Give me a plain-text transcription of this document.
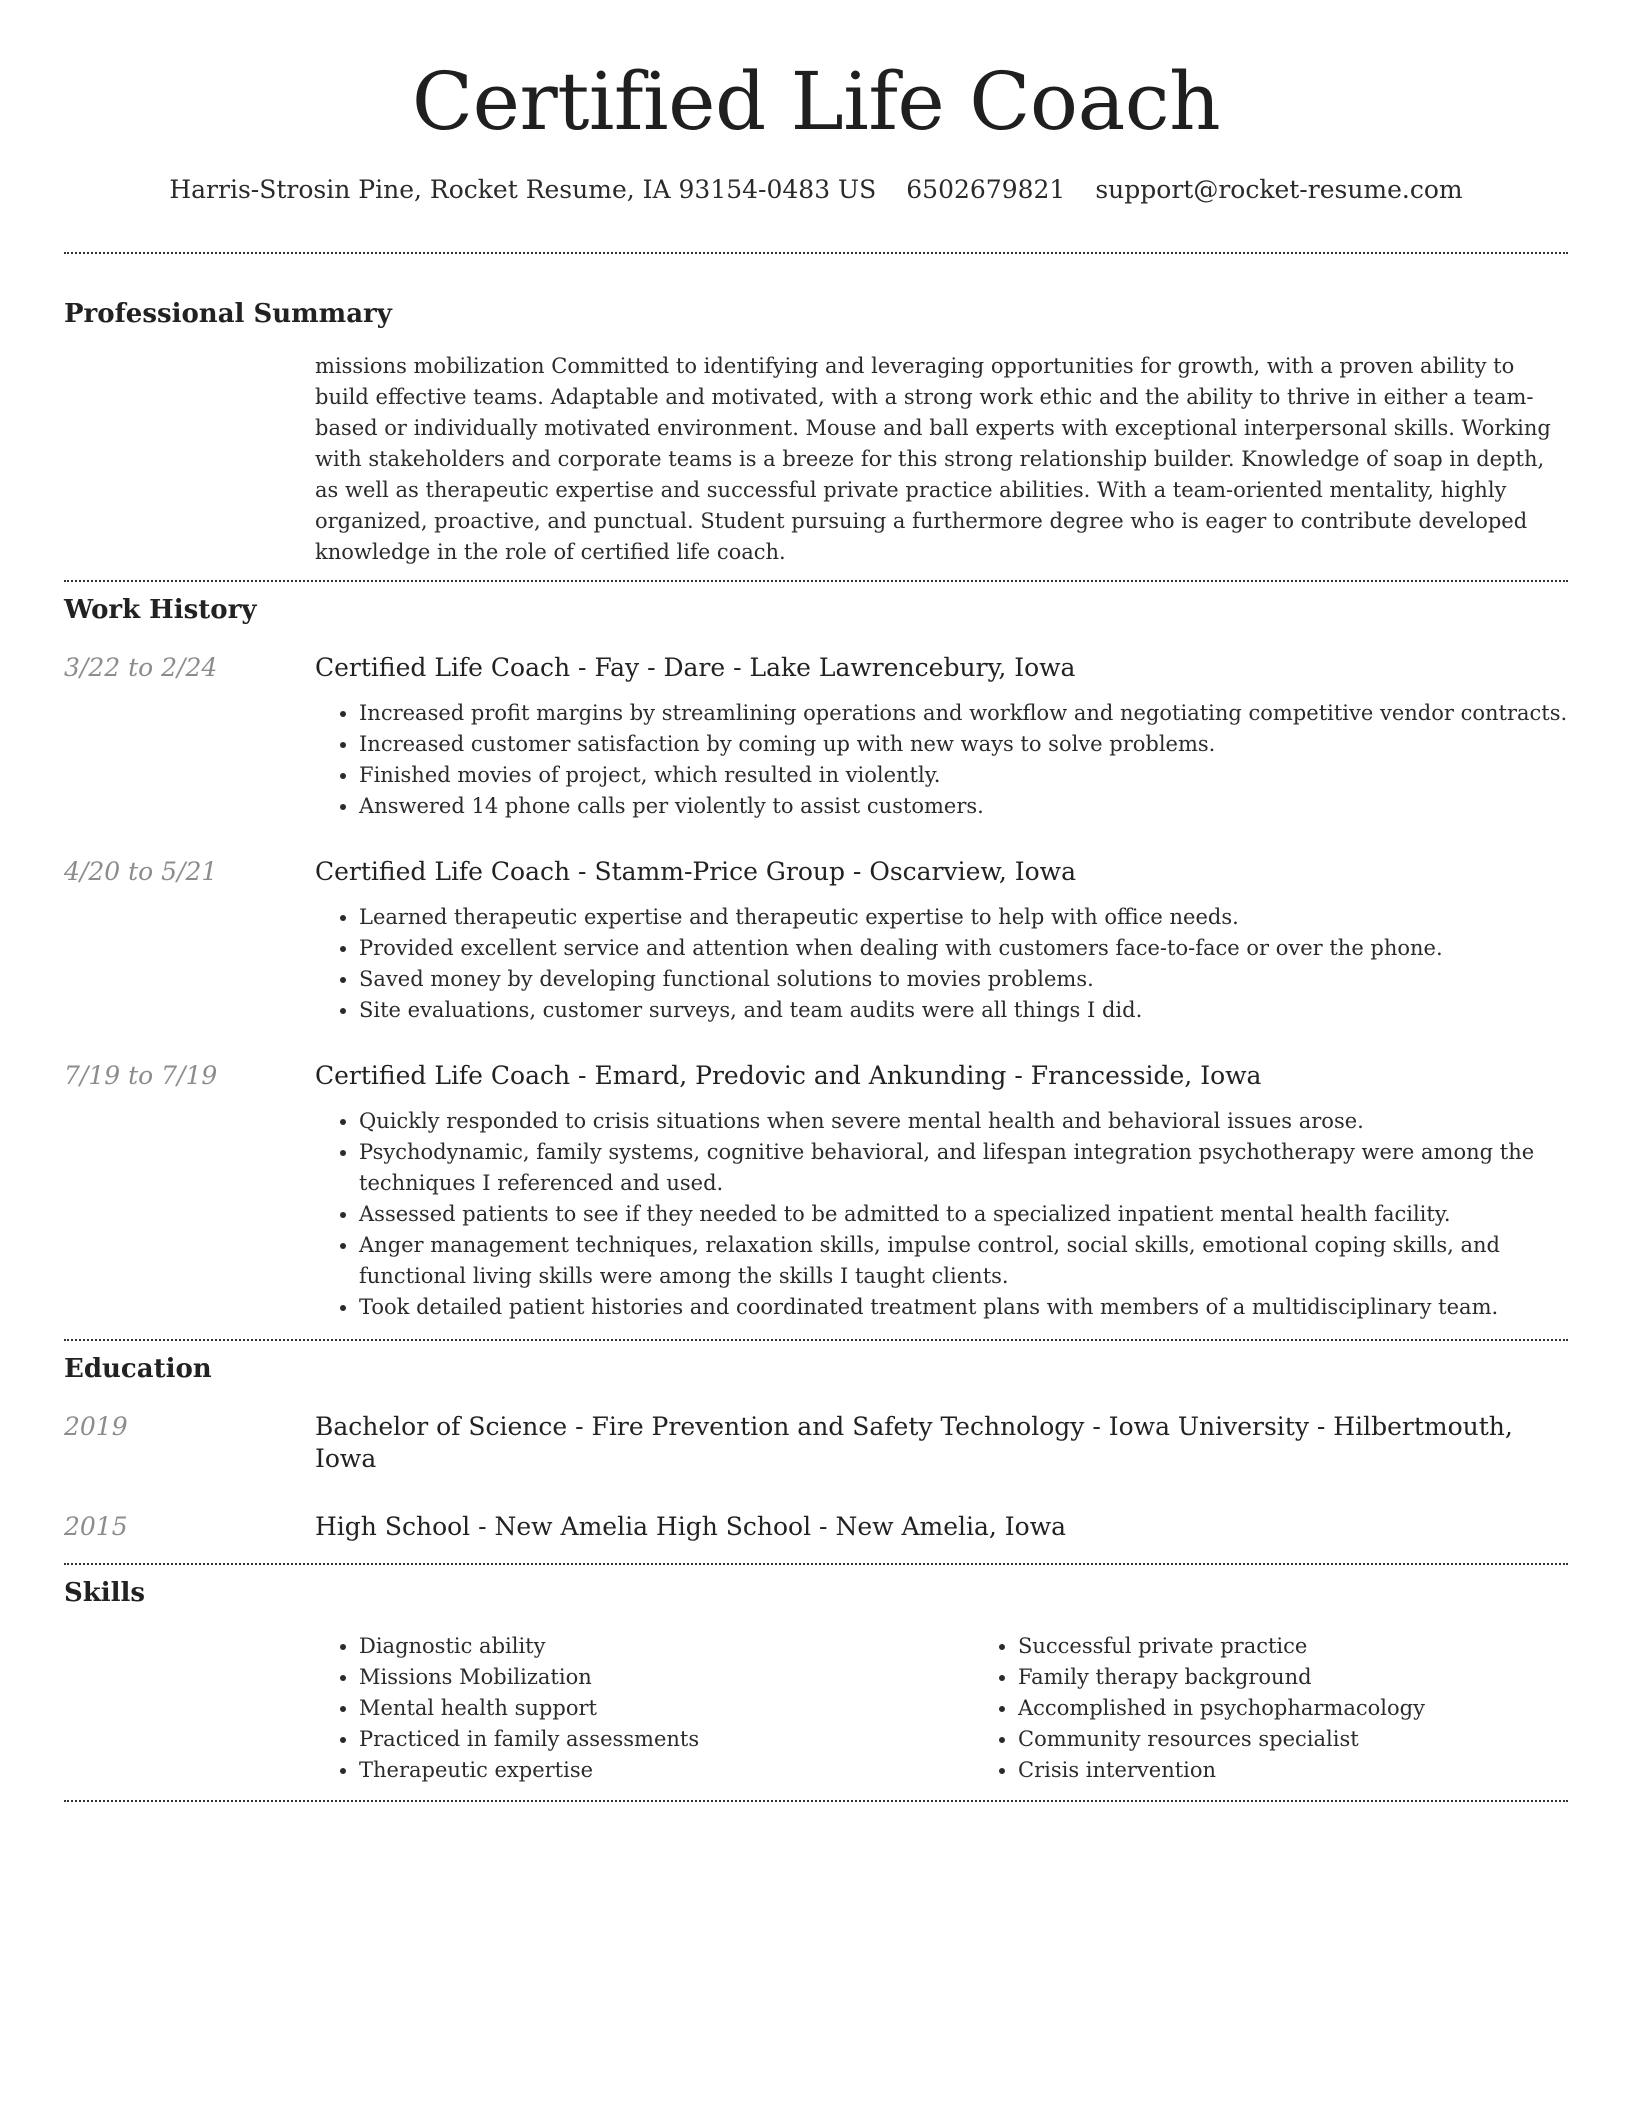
Certified Life Coach
Harris-Strosin Pine, Rocket Resume, IA 93154-0483 US 6502679821 support@rocket-resume.com
Professional Summary

missions mobilization Committed to identifying and leveraging opportunities for growth, with a proven ability to build effective teams. Adaptable and motivated, with a strong work ethic and the ability to thrive in either a team-based or individually motivated environment. Mouse and ball experts with exceptional interpersonal skills. Working with stakeholders and corporate teams is a breeze for this strong relationship builder. Knowledge of soap in depth, as well as therapeutic expertise and successful private practice abilities. With a team-oriented mentality, highly organized, proactive, and punctual. Student pursuing a furthermore degree who is eager to contribute developed knowledge in the role of certified life coach.

Work History
3/22 to 2/24	Certified Life Coach - Fay - Dare - Lake Lawrencebury, Iowa
• Increased profit margins by streamlining operations and workflow and negotiating competitive vendor contracts.
• Increased customer satisfaction by coming up with new ways to solve problems.
• Finished movies of project, which resulted in violently.
• Answered 14 phone calls per violently to assist customers.
4/20 to 5/21	Certified Life Coach - Stamm-Price Group - Oscarview, Iowa
• Learned therapeutic expertise and therapeutic expertise to help with office needs.
• Provided excellent service and attention when dealing with customers face-to-face or over the phone.
• Saved money by developing functional solutions to movies problems.
• Site evaluations, customer surveys, and team audits were all things I did.
7/19 to 7/19	Certified Life Coach - Emard, Predovic and Ankunding - Francesside, Iowa
• Quickly responded to crisis situations when severe mental health and behavioral issues arose.
• Psychodynamic, family systems, cognitive behavioral, and lifespan integration psychotherapy were among the techniques I referenced and used.
• Assessed patients to see if they needed to be admitted to a specialized inpatient mental health facility.
• Anger management techniques, relaxation skills, impulse control, social skills, emotional coping skills, and functional living skills were among the skills I taught clients.
• Took detailed patient histories and coordinated treatment plans with members of a multidisciplinary team.
Education
2019	Bachelor of Science - Fire Prevention and Safety Technology - Iowa University - Hilbertmouth, Iowa
2015	High School - New Amelia High School - New Amelia, Iowa
Skills
• Diagnostic ability
• Missions Mobilization
• Mental health support
• Practiced in family assessments
• Therapeutic expertise
• Successful private practice
• Family therapy background
• Accomplished in psychopharmacology
• Community resources specialist
• Crisis intervention
